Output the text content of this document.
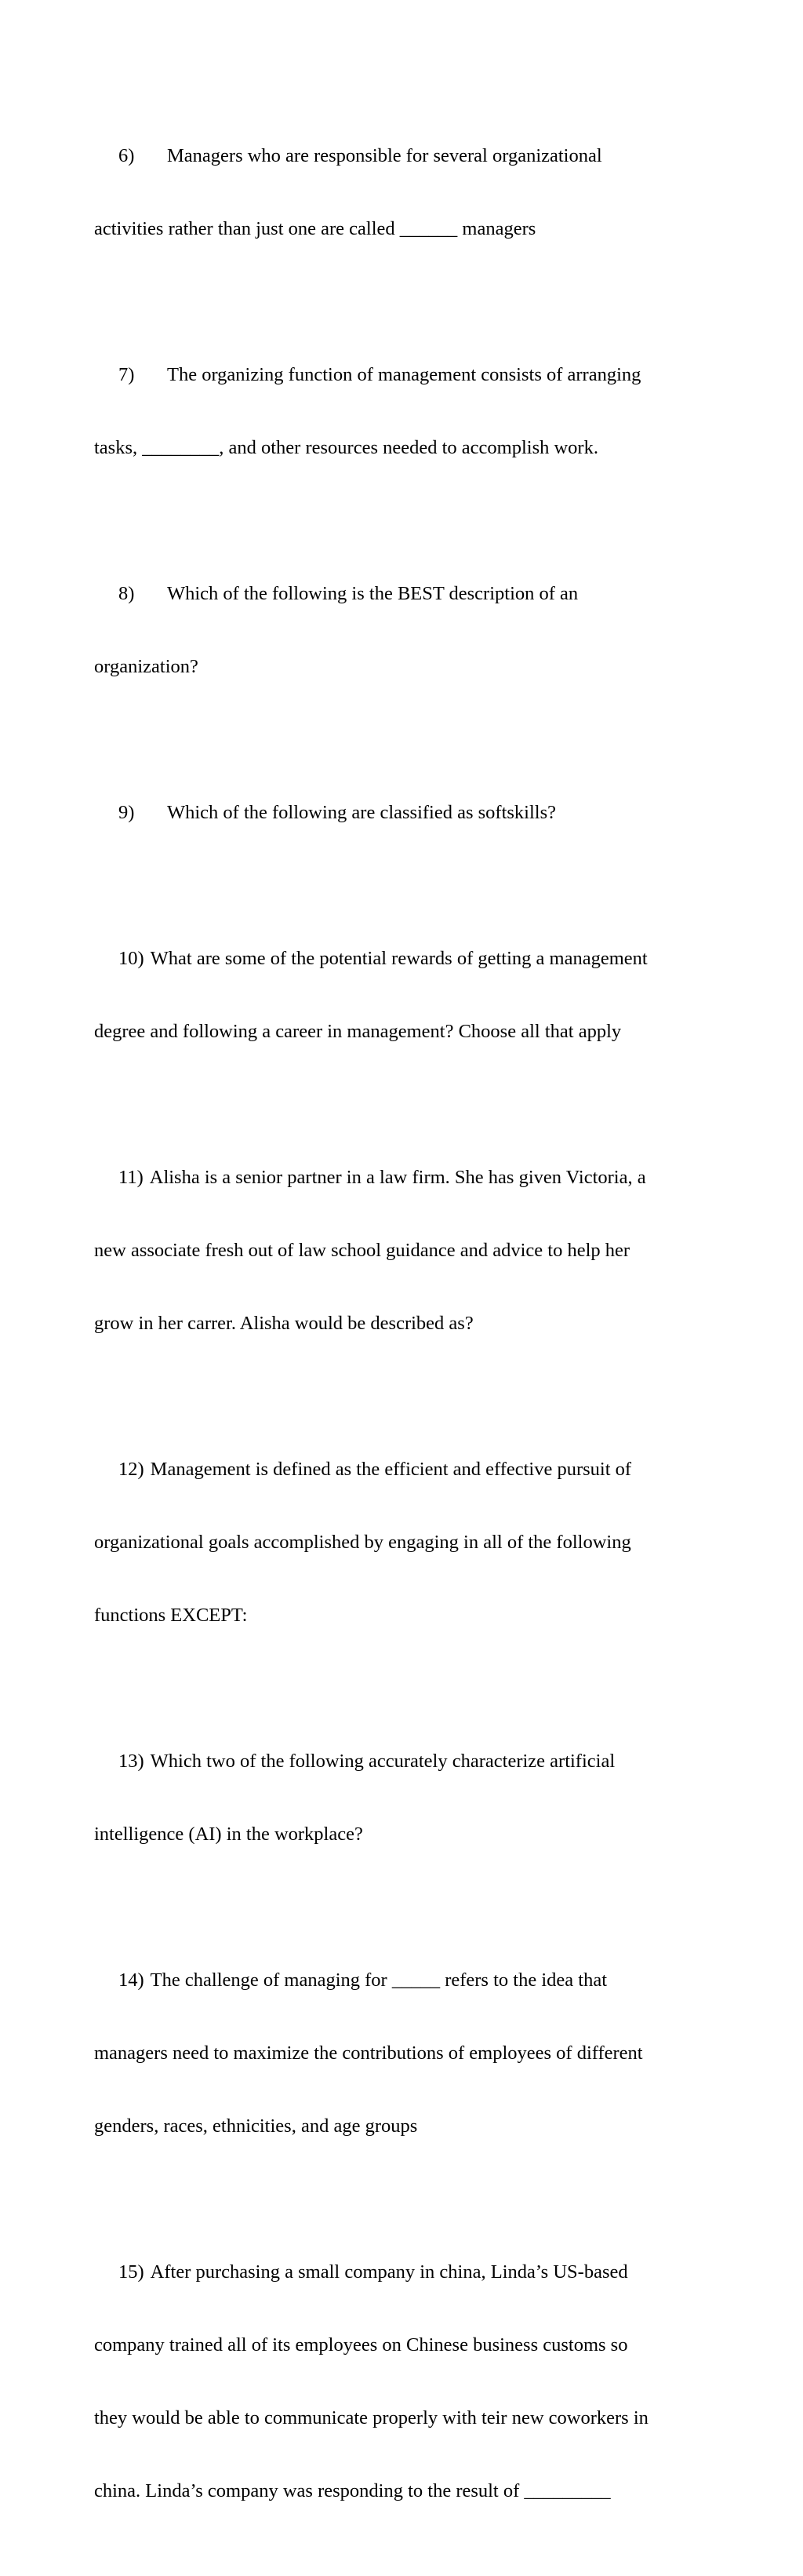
6) Managers who are responsible for several organizational

activities rather than just one are called ______ managers

7) The organizing function of management consists of arranging

tasks, ________, and other resources needed to accomplish work.

8) Which of the following is the BEST description of an

organization?

9) Which of the following are classified as softskills?

10) What are some of the potential rewards of getting a management

degree and following a career in management? Choose all that apply

11) Alisha is a senior partner in a law firm. She has given Victoria, a

new associate fresh out of law school guidance and advice to help her

grow in her carrer. Alisha would be described as?

12) Management is defined as the efficient and effective pursuit of

organizational goals accomplished by engaging in all of the following

functions EXCEPT:

13) Which two of the following accurately characterize artificial

intelligence (AI) in the workplace?

14) The challenge of managing for _____ refers to the idea that

managers need to maximize the contributions of employees of different

genders, races, ethnicities, and age groups

15) After purchasing a small company in china, Linda’s US-based

company trained all of its employees on Chinese business customs so

they would be able to communicate properly with teir new coworkers in

china. Linda’s company was responding to the result of _________
